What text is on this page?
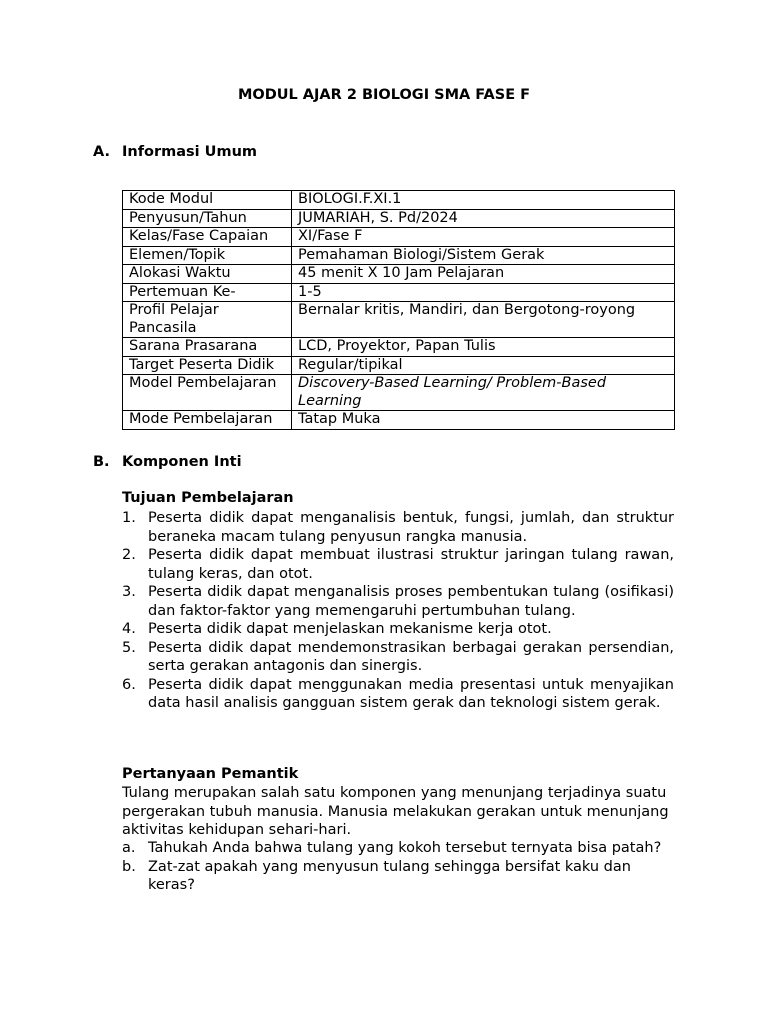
MODUL AJAR 2 BIOLOGI SMA FASE F
A. Informasi Umum
Kode Modul	BIOLOGI.F.XI.1
Penyusun/Tahun	JUMARIAH, S. Pd/2024
Kelas/Fase Capaian	XI/Fase F
Elemen/Topik	Pemahaman Biologi/Sistem Gerak
Alokasi Waktu	45 menit X 10 Jam Pelajaran
Pertemuan Ke-	1-5
Profil Pelajar Pancasila	Bernalar kritis, Mandiri, dan Bergotong-royong
Sarana Prasarana	LCD, Proyektor, Papan Tulis
Target Peserta Didik	Regular/tipikal
Model Pembelajaran	Discovery-Based Learning/ Problem-Based Learning
Mode Pembelajaran	Tatap Muka
B. Komponen Inti
Tujuan Pembelajaran
1. Peserta didik dapat menganalisis bentuk, fungsi, jumlah, dan struktur beraneka macam tulang penyusun rangka manusia.
2. Peserta didik dapat membuat ilustrasi struktur jaringan tulang rawan, tulang keras, dan otot.
3. Peserta didik dapat menganalisis proses pembentukan tulang (osifikasi) dan faktor-faktor yang memengaruhi pertumbuhan tulang.
4. Peserta didik dapat menjelaskan mekanisme kerja otot.
5. Peserta didik dapat mendemonstrasikan berbagai gerakan persendian, serta gerakan antagonis dan sinergis.
6. Peserta didik dapat menggunakan media presentasi untuk menyajikan data hasil analisis gangguan sistem gerak dan teknologi sistem gerak.
Pertanyaan Pemantik
Tulang merupakan salah satu komponen yang menunjang terjadinya suatu pergerakan tubuh manusia. Manusia melakukan gerakan untuk menunjang aktivitas kehidupan sehari-hari.
a. Tahukah Anda bahwa tulang yang kokoh tersebut ternyata bisa patah?
b. Zat-zat apakah yang menyusun tulang sehingga bersifat kaku dan keras?
